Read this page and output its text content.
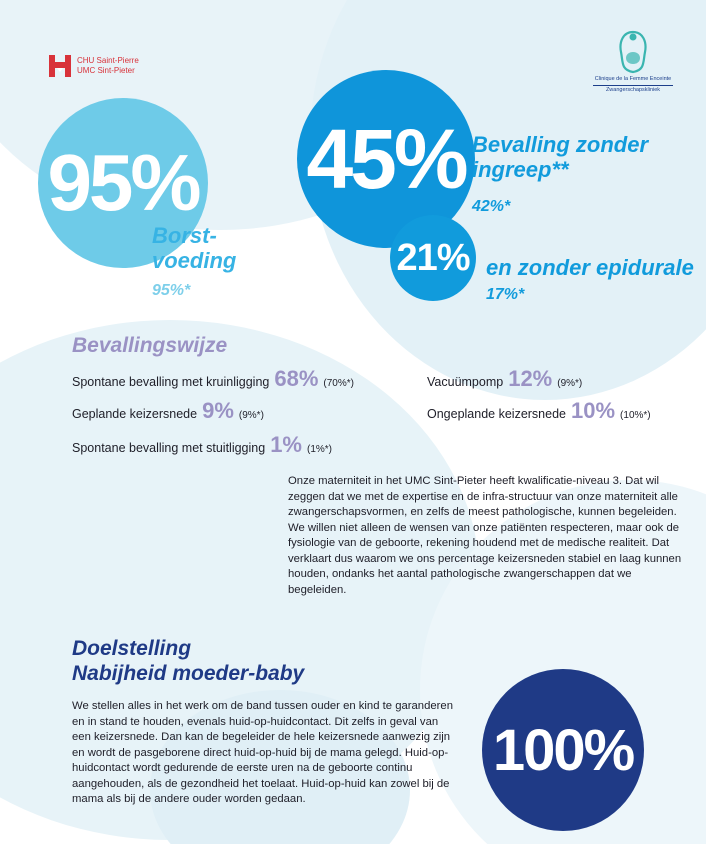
CHU Saint-Pierre
UMC Sint-Pieter
Clinique de la Femme Enceinte
Zwangerschapskliniek
95% 45%
21%
Borst-
voeding
95%*
Bevalling zonder ingreep**
42%*
en zonder epidurale
17%*
Bevallingswijze
Spontane bevalling met kruinligging 68% (70%*)	Vacuümpomp 12% (9%*)
Geplande keizersnede 9% (9%*)	Ongeplande keizersnede 10% (10%*)
Spontane bevalling met stuitligging 1% (1%*)

Onze materniteit in het UMC Sint-Pieter heeft kwalificatie-niveau 3. Dat wil zeggen dat we met de expertise en de infra-structuur van onze materniteit alle zwangerschapsvormen, en zelfs de meest pathologische, kunnen begeleiden. We willen niet alleen de wensen van onze patiënten respecteren, maar ook de fysiologie van de geboorte, rekening houdend met de medische realiteit. Dat verklaart dus waarom we ons percentage keizersneden stabiel en laag kunnen houden, ondanks het aantal pathologische zwangerschappen dat we begeleiden.

Doelstelling
Nabijheid moeder-baby

We stellen alles in het werk om de band tussen ouder en kind te garanderen en in stand te houden, evenals huid-op-huidcontact. Dit zelfs in geval van een keizersnede. Dan kan de begeleider de hele keizersnede aanwezig zijn en wordt de pasgeborene direct huid-op-huid bij de mama gelegd. Huid-op-huidcontact wordt gedurende de eerste uren na de geboorte continu aangehouden, als de gezondheid het toelaat. Huid-op-huid kan zowel bij de mama als bij de andere ouder worden gedaan.

100%
